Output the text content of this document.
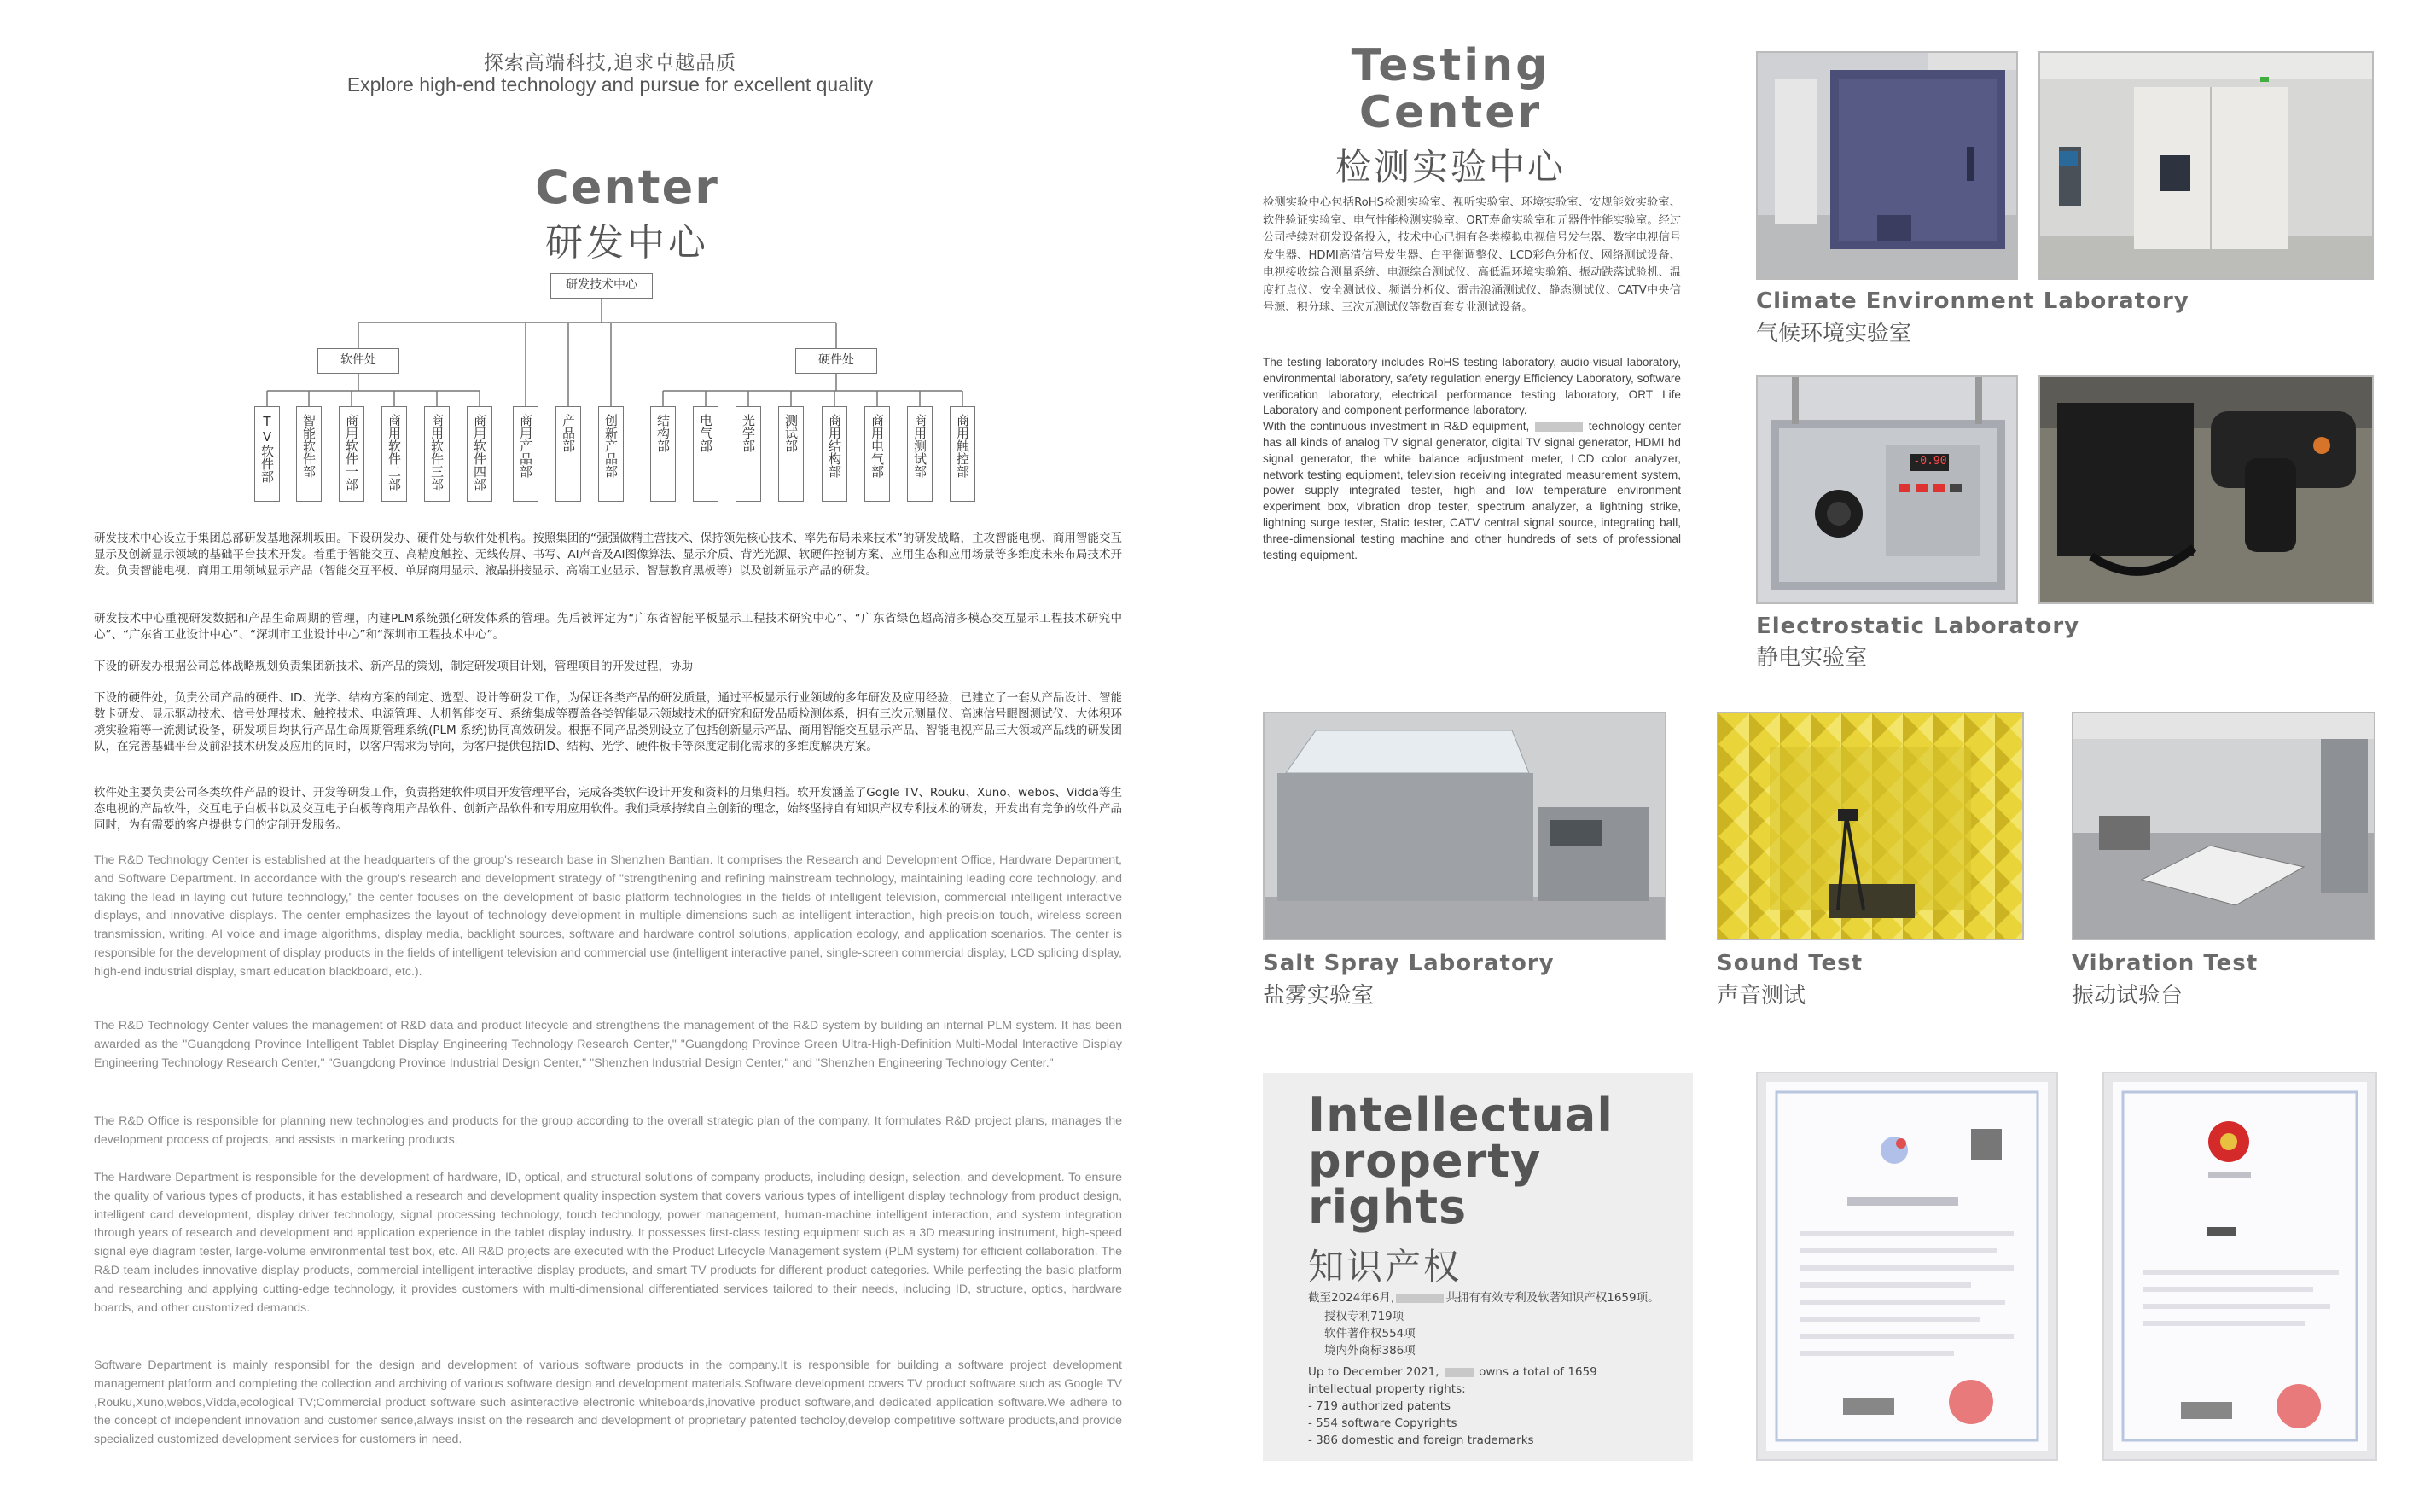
探索高端科技,追求卓越品质
Explore high-end technology and pursue for excellent quality
Center
研发中心
研发技术中心
软件处	硬件处
TV软件部	智能软件部	商用软件一部	商用软件二部	商用软件三部	商用软件四部	商用产品部	产品部	创新产品部	结构部	电气部	光学部	测试部	商用结构部	商用电气部	商用测试部	商用触控部
研发技术中心设立于集团总部研发基地深圳坂田。下设研发办、硬件处与软件处机构。按照集团的“强强做精主营技术、保持领先核心技术、率先布局未来技术”的研发战略，主攻智能电视、商用智能交互显示及创新显示领域的基础平台技术开发。着重于智能交互、高精度触控、无线传屏、书写、AI声音及AI图像算法、显示介质、背光光源、软硬件控制方案、应用生态和应用场景等多维度未来布局技术开发。负责智能电视、商用工用领域显示产品（智能交互平板、单屏商用显示、液晶拼接显示、高端工业显示、智慧教育黑板等）以及创新显示产品的研发。
研发技术中心重视研发数据和产品生命周期的管理，内建PLM系统强化研发体系的管理。先后被评定为“广东省智能平板显示工程技术研究中心”、“广东省绿色超高清多模态交互显示工程技术研究中心”、“广东省工业设计中心”、“深圳市工业设计中心”和“深圳市工程技术中心”。
下设的研发办根据公司总体战略规划负责集团新技术、新产品的策划，制定研发项目计划，管理项目的开发过程，协助
下设的硬件处，负责公司产品的硬件、ID、光学、结构方案的制定、选型、设计等研发工作，为保证各类产品的研发质量，通过平板显示行业领域的多年研发及应用经验，已建立了一套从产品设计、智能数卡研发、显示驱动技术、信号处理技术、触控技术、电源管理、人机智能交互、系统集成等覆盖各类智能显示领域技术的研究和研发品质检测体系，拥有三次元测量仪、高速信号眼图测试仪、大体积环境实验箱等一流测试设备，研发项目均执行产品生命周期管理系统(PLM 系统)协同高效研发。根据不同产品类别设立了包括创新显示产品、商用智能交互显示产品、智能电视产品三大领域产品线的研发团队，在完善基础平台及前沿技术研发及应用的同时，以客户需求为导向，为客户提供包括ID、结构、光学、硬件板卡等深度定制化需求的多维度解决方案。
软件处主要负责公司各类软件产品的设计、开发等研发工作，负责搭建软件项目开发管理平台，完成各类软件设计开发和资料的归集归档。软开发涵盖了Gogle TV、Rouku、Xuno、webos、Vidda等生态电视的产品软件，交互电子白板书以及交互电子白板等商用产品软件、创新产品软件和专用应用软件。我们秉承持续自主创新的理念，始终坚持自有知识产权专利技术的研发，开发出有竞争的软件产品同时，为有需要的客户提供专门的定制开发服务。
The R&D Technology Center is established at the headquarters of the group's research base in Shenzhen Bantian. It comprises the Research and Development Office, Hardware Department, and Software Department. In accordance with the group's research and development strategy of "strengthening and refining mainstream technology, maintaining leading core technology, and taking the lead in laying out future technology," the center focuses on the development of basic platform technologies in the fields of intelligent television, commercial intelligent interactive displays, and innovative displays. The center emphasizes the layout of technology development in multiple dimensions such as intelligent interaction, high-precision touch, wireless screen transmission, writing, AI voice and image algorithms, display media, backlight sources, software and hardware control solutions, application ecology, and application scenarios. The center is responsible for the development of display products in the fields of intelligent television and commercial use (intelligent interactive panel, single-screen commercial display, LCD splicing display, high-end industrial display, smart education blackboard, etc.).
The R&D Technology Center values the management of R&D data and product lifecycle and strengthens the management of the R&D system by building an internal PLM system. It has been awarded as the "Guangdong Province Intelligent Tablet Display Engineering Technology Research Center," "Guangdong Province Green Ultra-High-Definition Multi-Modal Interactive Display Engineering Technology Research Center," "Guangdong Province Industrial Design Center," "Shenzhen Industrial Design Center," and "Shenzhen Engineering Technology Center."
The R&D Office is responsible for planning new technologies and products for the group according to the overall strategic plan of the company. It formulates R&D project plans, manages the development process of projects, and assists in marketing products.
The Hardware Department is responsible for the development of hardware, ID, optical, and structural solutions of company products, including design, selection, and development. To ensure the quality of various types of products, it has established a research and development quality inspection system that covers various types of intelligent display technology from product design, intelligent card development, display driver technology, signal processing technology, touch technology, power management, human-machine intelligent interaction, and system integration through years of research and development and application experience in the tablet display industry. It possesses first-class testing equipment such as a 3D measuring instrument, high-speed signal eye diagram tester, large-volume environmental test box, etc. All R&D projects are executed with the Product Lifecycle Management system (PLM system) for efficient collaboration. The R&D team includes innovative display products, commercial intelligent interactive display products, and smart TV products for different product categories. While perfecting the basic platform and researching and applying cutting-edge technology, it provides customers with multi-dimensional differentiated services tailored to their needs, including ID, structure, optics, hardware boards, and other customized demands.
Software Department is mainly responsibl for the design and development of various software products in the company.It is responsible for building a software project development management platform and completing the collection and archiving of various software design and development materials.Software development covers TV product software such as Google TV ,Rouku,Xuno,webos,Vidda,ecological TV;Commercial product software such asinteractive electronic whiteboards,inovative product software,and dedicated application software.We adhere to the concept of independent innovation and customer serice,always insist on the research and development of proprietary patented techoloy,develop competitive software products,and provide specialized customized development services for customers in need.
Testing
Center
检测实验中心
检测实验中心包括RoHS检测实验室、视听实验室、环境实验室、安规能效实验室、软件验证实验室、电气性能检测实验室、ORT寿命实验室和元器件性能实验室。经过公司持续对研发设备投入，技术中心已拥有各类模拟电视信号发生器、数字电视信号发生器、HDMI高清信号发生器、白平衡调整仪、LCD彩色分析仪、网络测试设备、电视接收综合测量系统、电源综合测试仪、高低温环境实验箱、振动跌落试验机、温度打点仪、安全测试仪、频谱分析仪、雷击浪涌测试仪、静态测试仪、CATV中央信号源、积分球、三次元测试仪等数百套专业测试设备。
The testing laboratory includes RoHS testing laboratory, audio-visual laboratory, environmental laboratory, safety regulation energy Efficiency Laboratory, software verification laboratory, electrical performance testing laboratory, ORT Life Laboratory and component performance laboratory.
With the continuous investment in R&D equipment,	technology center has all kinds of analog TV signal generator, digital TV signal generator, HDMI hd signal generator, the white balance adjustment meter, LCD color analyzer, network testing equipment, television receiving integrated measurement system, power supply integrated tester, high and low temperature environment experiment box, vibration drop tester, spectrum analyzer, a lightning strike, lightning surge tester, Static tester, CATV central signal source, integrating ball, three-dimensional testing machine and other hundreds of sets of professional testing equipment.
Climate Environment Laboratory
气候环境实验室
-0.90
Electrostatic Laboratory
静电实验室
Salt Spray Laboratory
盐雾实验室
Sound Test
声音测试
Vibration Test
振动试验台
Intellectual property rights
知识产权
截至2024年6月,	共拥有有效专利及软著知识产权1659项。
授权专利719项
软件著作权554项
境内外商标386项
Up to December 2021,	owns a total of 1659
intellectual property rights:
- 719 authorized patents
- 554 software Copyrights
- 386 domestic and foreign trademarks
